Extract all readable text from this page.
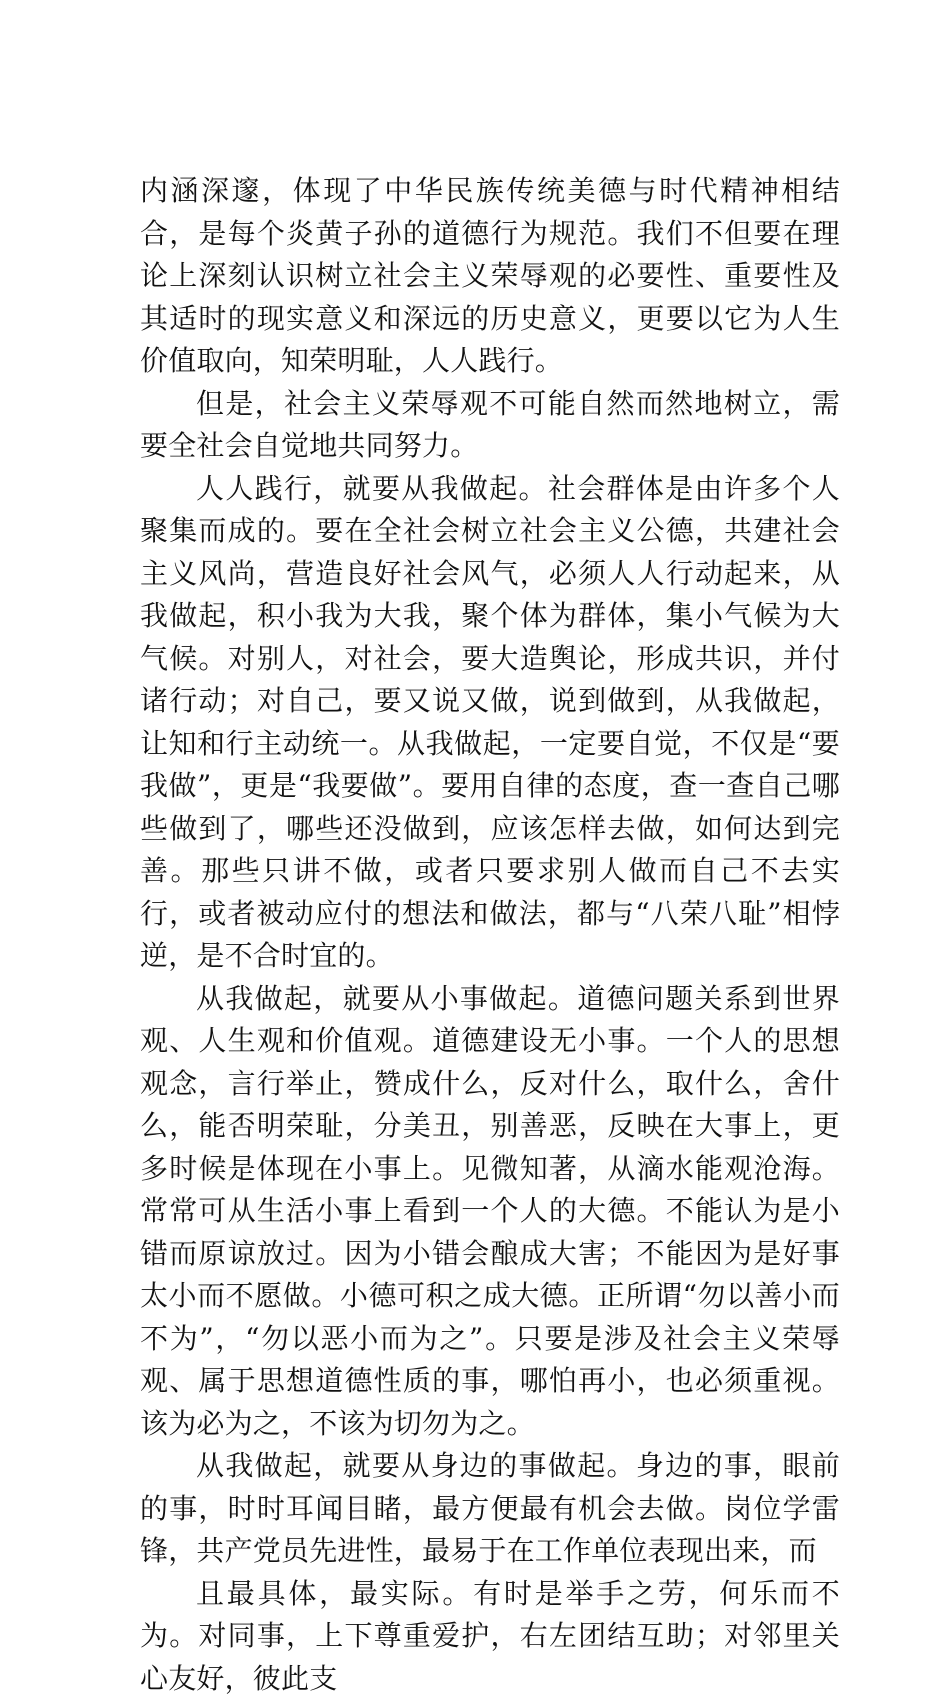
内涵深邃，体现了中华民族传统美德与时代精神相结合，是每个炎黄子孙的道德行为规范。我们不但要在理论上深刻认识树立社会主义荣辱观的必要性、重要性及其适时的现实意义和深远的历史意义，更要以它为人生价值取向，知荣明耻，人人践行。

但是，社会主义荣辱观不可能自然而然地树立，需要全社会自觉地共同努力。

人人践行，就要从我做起。社会群体是由许多个人聚集而成的。要在全社会树立社会主义公德，共建社会主义风尚，营造良好社会风气，必须人人行动起来，从我做起，积小我为大我，聚个体为群体，集小气候为大气候。对别人，对社会，要大造舆论，形成共识，并付诸行动；对自己，要又说又做，说到做到，从我做起，让知和行主动统一。从我做起，一定要自觉，不仅是“要我做”，更是“我要做”。要用自律的态度，查一查自己哪些做到了，哪些还没做到，应该怎样去做，如何达到完善。那些只讲不做，或者只要求别人做而自己不去实行，或者被动应付的想法和做法，都与“八荣八耻”相悖逆，是不合时宜的。

从我做起，就要从小事做起。道德问题关系到世界观、人生观和价值观。道德建设无小事。一个人的思想观念，言行举止，赞成什么，反对什么，取什么，舍什么，能否明荣耻，分美丑，别善恶，反映在大事上，更多时候是体现在小事上。见微知著，从滴水能观沧海。常常可从生活小事上看到一个人的大德。不能认为是小错而原谅放过。因为小错会酿成大害；不能因为是好事太小而不愿做。小德可积之成大德。正所谓“勿以善小而不为”，“勿以恶小而为之”。只要是涉及社会主义荣辱观、属于思想道德性质的事，哪怕再小，也必须重视。该为必为之，不该为切勿为之。

从我做起，就要从身边的事做起。身边的事，眼前的事，时时耳闻目睹，最方便最有机会去做。岗位学雷锋，共产党员先进性，最易于在工作单位表现出来，而

且最具体，最实际。有时是举手之劳，何乐而不为。对同事，上下尊重爱护，右左团结互助；对邻里关心友好，彼此支
